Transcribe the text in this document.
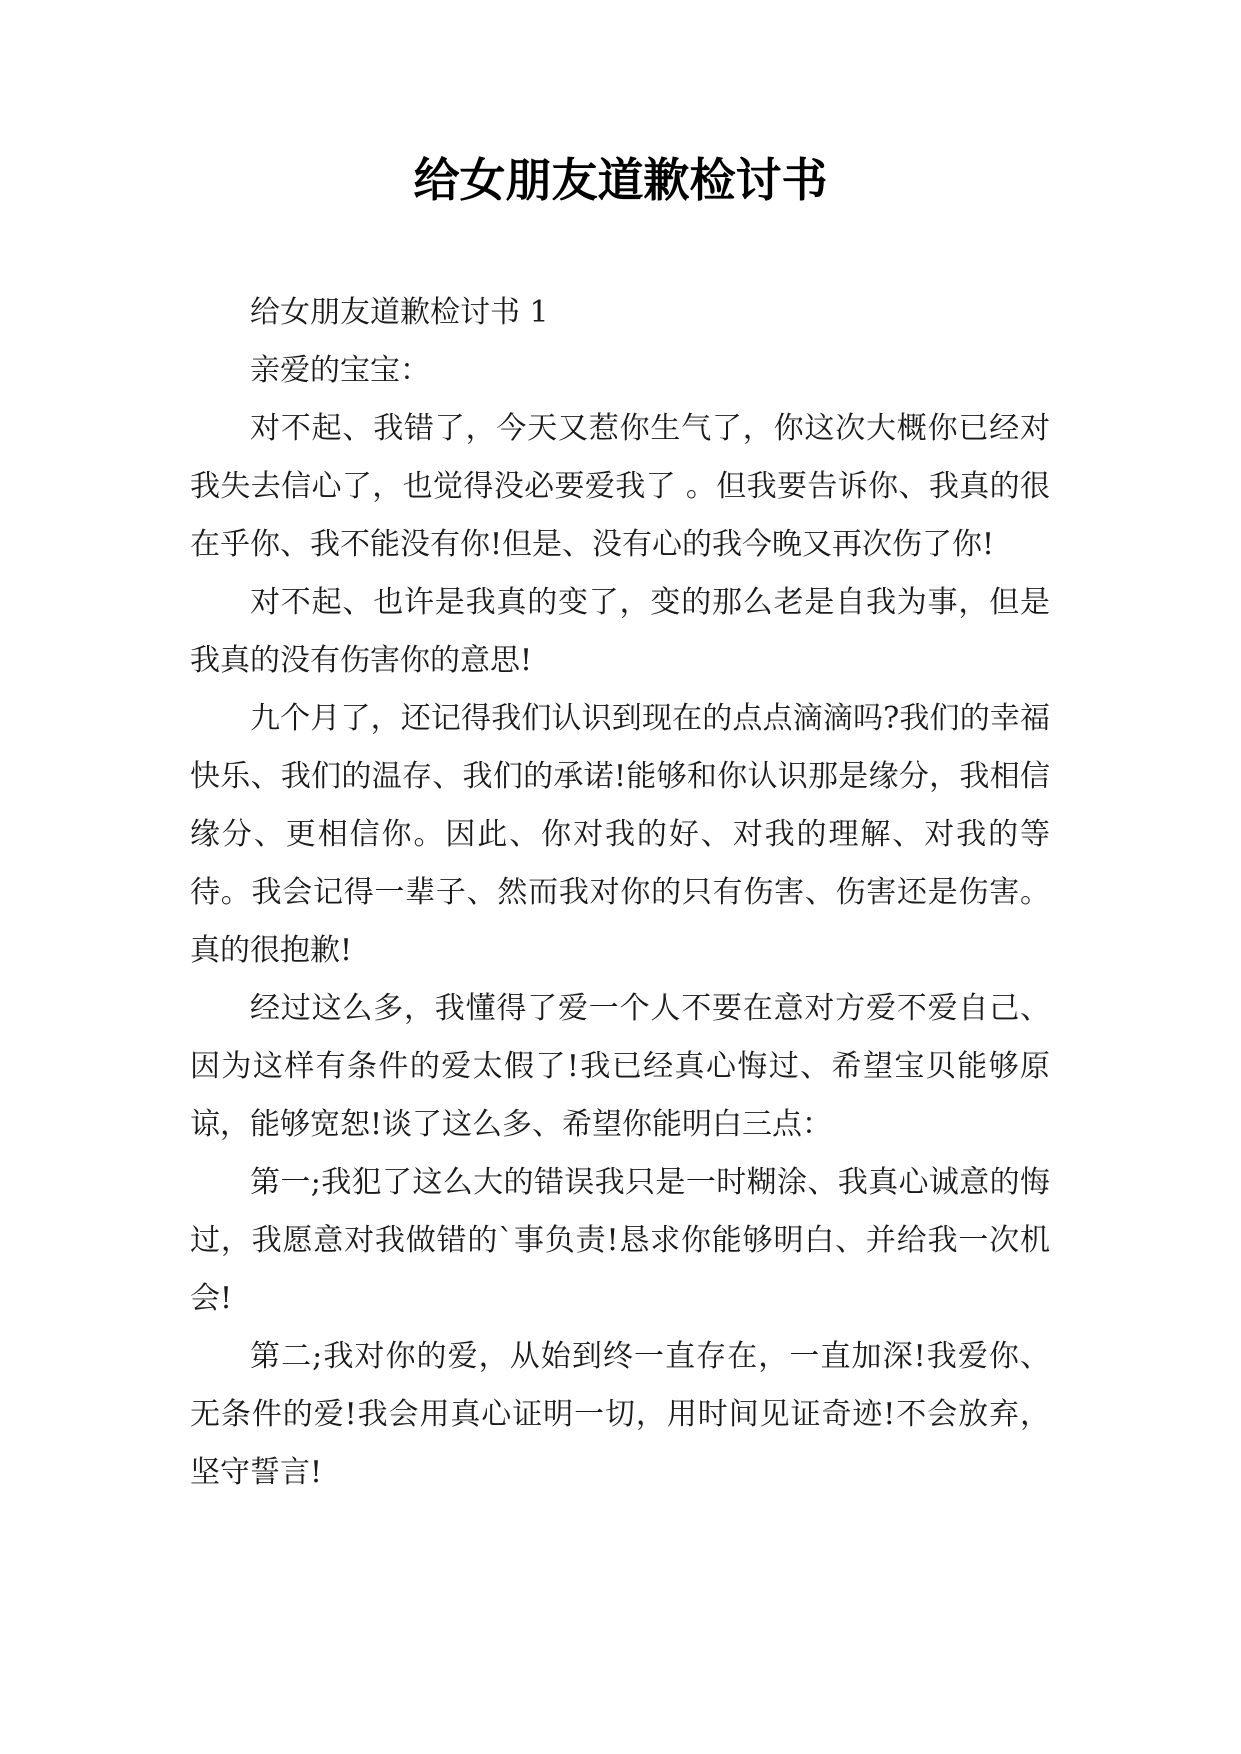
给女朋友道歉检讨书

给女朋友道歉检讨书 1

亲爱的宝宝：

对不起、我错了，今天又惹你生气了，你这次大概你已经对我失去信心了，也觉得没必要爱我了 。但我要告诉你、我真的很在乎你、我不能没有你!但是、没有心的我今晚又再次伤了你!

对不起、也许是我真的变了，变的那么老是自我为事，但是我真的没有伤害你的意思!

九个月了，还记得我们认识到现在的点点滴滴吗?我们的幸福快乐、我们的温存、我们的承诺!能够和你认识那是缘分，我相信缘分、更相信你。因此、你对我的好、对我的理解、对我的等待。我会记得一辈子、然而我对你的只有伤害、伤害还是伤害。真的很抱歉!

经过这么多，我懂得了爱一个人不要在意对方爱不爱自己、因为这样有条件的爱太假了!我已经真心悔过、希望宝贝能够原谅，能够宽恕!谈了这么多、希望你能明白三点：

第一;我犯了这么大的错误我只是一时糊涂、我真心诚意的悔过，我愿意对我做错的`事负责!恳求你能够明白、并给我一次机会!

第二;我对你的爱，从始到终一直存在，一直加深!我爱你、无条件的爱!我会用真心证明一切，用时间见证奇迹!不会放弃，坚守誓言!
